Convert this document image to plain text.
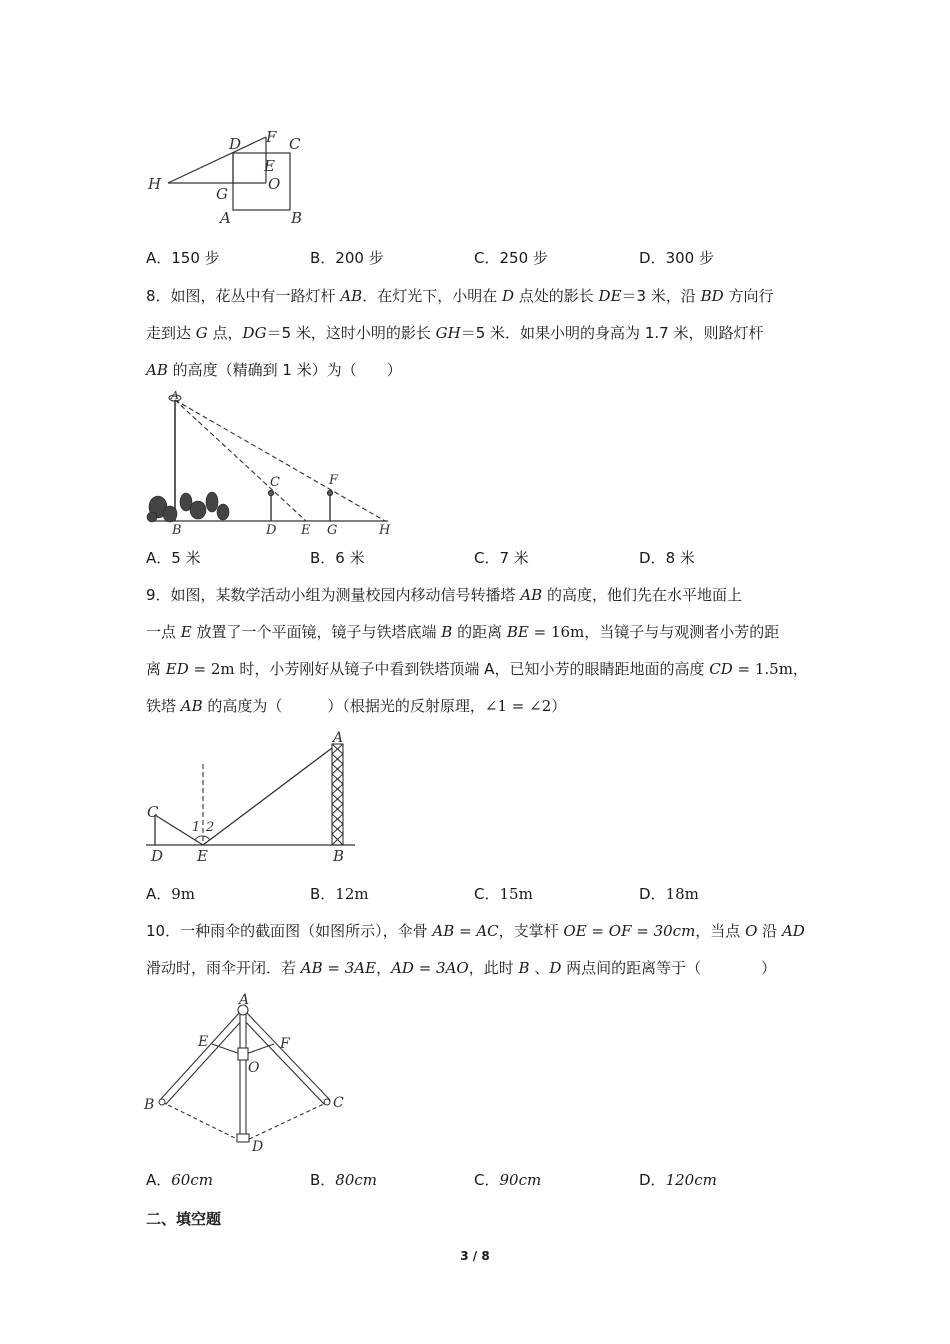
D F C
E
H
G
O
A	B
A．150 步	B．200 步	C．250 步	D．300 步
8．如图，花丛中有一路灯杆 AB．在灯光下，小明在 D 点处的影长 DE＝3 米，沿 BD 方向行
走到达 G 点，DG＝5 米，这时小明的影长 GH＝5 米．如果小明的身高为 1.7 米，则路灯杆
AB 的高度（精确到 1 米）为（　　）
A
C	F
B	D E G	H
A．5 米	B．6 米	C．7 米	D．8 米
9．如图，某数学活动小组为测量校园内移动信号转播塔 AB 的高度，他们先在水平地面上
一点 E 放置了一个平面镜，镜子与铁塔底端 B 的距离 BE = 16m，当镜子与与观测者小芳的距
离 ED = 2m 时，小芳刚好从镜子中看到铁塔顶端 A，已知小芳的眼睛距地面的高度 CD = 1.5m，
铁塔 AB 的高度为（　　　）（根据光的反射原理，∠1 = ∠2）
A
C
1 2
D E	B
A．9m	B．12m	C．15m	D．18m
10．一种雨伞的截面图（如图所示），伞骨 AB = AC，支掌杆 OE = OF = 30cm，当点 O 沿 AD
滑动时，雨伞开闭．若 AB = 3AE，AD = 3AO，此时 B 、D 两点间的距离等于（　　　　）
A
E	F
O
B	C
D
A．60cm	B．80cm	C．90cm	D．120cm
二、填空题
3 / 8
